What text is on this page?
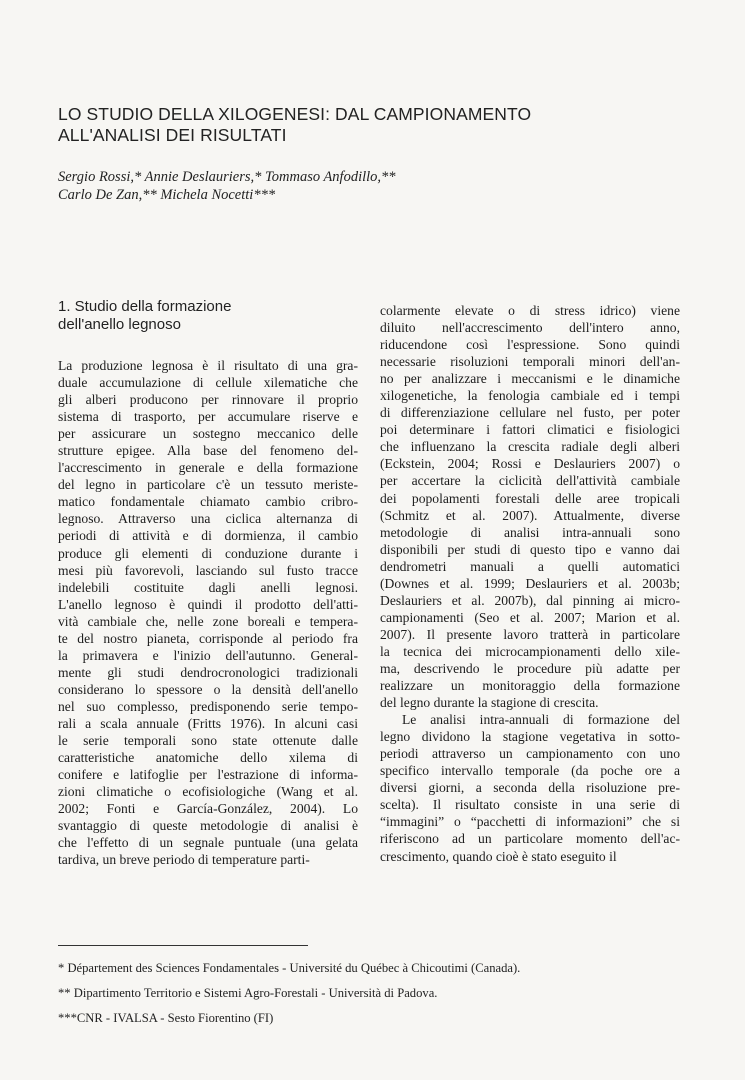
LO STUDIO DELLA XILOGENESI: DAL CAMPIONAMENTO
ALL'ANALISI DEI RISULTATI
Sergio Rossi,* Annie Deslauriers,* Tommaso Anfodillo,**
Carlo De Zan,** Michela Nocetti***
1. Studio della formazione
dell'anello legnoso
La produzione legnosa è il risultato di una gra-
duale accumulazione di cellule xilematiche che
gli alberi producono per rinnovare il proprio
sistema di trasporto, per accumulare riserve e
per assicurare un sostegno meccanico delle
strutture epigee. Alla base del fenomeno del-
l'accrescimento in generale e della formazione
del legno in particolare c'è un tessuto meriste-
matico fondamentale chiamato cambio cribro-
legnoso. Attraverso una ciclica alternanza di
periodi di attività e di dormienza, il cambio
produce gli elementi di conduzione durante i
mesi più favorevoli, lasciando sul fusto tracce
indelebili costituite dagli anelli legnosi.
L'anello legnoso è quindi il prodotto dell'atti-
vità cambiale che, nelle zone boreali e tempera-
te del nostro pianeta, corrisponde al periodo fra
la primavera e l'inizio dell'autunno. General-
mente gli studi dendrocronologici tradizionali
considerano lo spessore o la densità dell'anello
nel suo complesso, predisponendo serie tempo-
rali a scala annuale (Fritts 1976). In alcuni casi
le serie temporali sono state ottenute dalle
caratteristiche anatomiche dello xilema di
conifere e latifoglie per l'estrazione di informa-
zioni climatiche o ecofisiologiche (Wang et al.
2002; Fonti e García-González, 2004). Lo
svantaggio di queste metodologie di analisi è
che l'effetto di un segnale puntuale (una gelata
tardiva, un breve periodo di temperature parti-
colarmente elevate o di stress idrico) viene
diluito nell'accrescimento dell'intero anno,
riducendone così l'espressione. Sono quindi
necessarie risoluzioni temporali minori dell'an-
no per analizzare i meccanismi e le dinamiche
xilogenetiche, la fenologia cambiale ed i tempi
di differenziazione cellulare nel fusto, per poter
poi determinare i fattori climatici e fisiologici
che influenzano la crescita radiale degli alberi
(Eckstein, 2004; Rossi e Deslauriers 2007) o
per accertare la ciclicità dell'attività cambiale
dei popolamenti forestali delle aree tropicali
(Schmitz et al. 2007). Attualmente, diverse
metodologie di analisi intra-annuali sono
disponibili per studi di questo tipo e vanno dai
dendrometri manuali a quelli automatici
(Downes et al. 1999; Deslauriers et al. 2003b;
Deslauriers et al. 2007b), dal pinning ai micro-
campionamenti (Seo et al. 2007; Marion et al.
2007). Il presente lavoro tratterà in particolare
la tecnica dei microcampionamenti dello xile-
ma, descrivendo le procedure più adatte per
realizzare un monitoraggio della formazione
del legno durante la stagione di crescita.
Le analisi intra-annuali di formazione del
legno dividono la stagione vegetativa in sotto-
periodi attraverso un campionamento con uno
specifico intervallo temporale (da poche ore a
diversi giorni, a seconda della risoluzione pre-
scelta). Il risultato consiste in una serie di
“immagini” o “pacchetti di informazioni” che si
riferiscono ad un particolare momento dell'ac-
crescimento, quando cioè è stato eseguito il
* Département des Sciences Fondamentales - Université du Québec à Chicoutimi (Canada).
** Dipartimento Territorio e Sistemi Agro-Forestali - Università di Padova.
***CNR - IVALSA - Sesto Fiorentino (FI)
